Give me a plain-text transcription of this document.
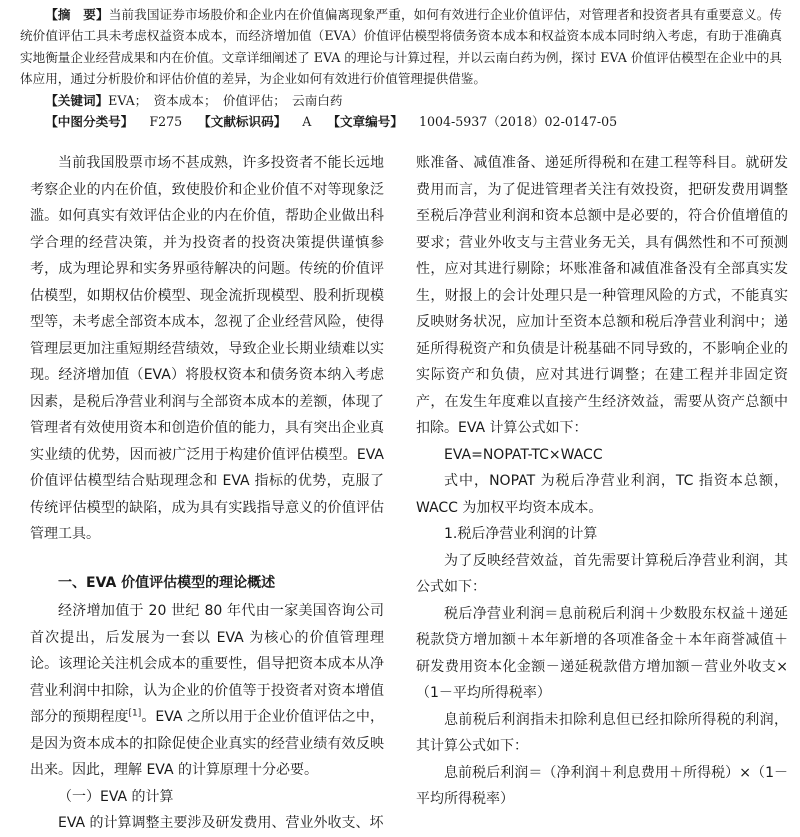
【摘　要】当前我国证券市场股价和企业内在价值偏离现象严重，如何有效进行企业价值评估，对管理者和投资者具有重要意义。传统价值评估工具未考虑权益资本成本，而经济增加值（EVA）价值评估模型将债务资本成本和权益资本成本同时纳入考虑，有助于准确真实地衡量企业经营成果和内在价值。文章详细阐述了 EVA 的理论与计算过程，并以云南白药为例，探讨 EVA 价值评估模型在企业中的具体应用，通过分析股价和评估价值的差异，为企业如何有效进行价值管理提供借鉴。

【关键词】EVA；　资本成本；　价值评估；　云南白药

【中图分类号】 F275 【文献标识码】 A 【文章编号】 1004-5937（2018）02-0147-05

当前我国股票市场不甚成熟，许多投资者不能长远地考察企业的内在价值，致使股价和企业价值不对等现象泛滥。如何真实有效评估企业的内在价值，帮助企业做出科学合理的经营决策，并为投资者的投资决策提供谨慎参考，成为理论界和实务界亟待解决的问题。传统的价值评估模型，如期权估价模型、现金流折现模型、股利折现模型等，未考虑全部资本成本，忽视了企业经营风险，使得管理层更加注重短期经营绩效，导致企业长期业绩难以实现。经济增加值（EVA）将股权资本和债务资本纳入考虑因素，是税后净营业利润与全部资本成本的差额，体现了管理者有效使用资本和创造价值的能力，具有突出企业真实业绩的优势，因而被广泛用于构建价值评估模型。EVA 价值评估模型结合贴现理念和 EVA 指标的优势，克服了传统评估模型的缺陷，成为具有实践指导意义的价值评估管理工具。

一、EVA 价值评估模型的理论概述

经济增加值于 20 世纪 80 年代由一家美国咨询公司首次提出，后发展为一套以 EVA 为核心的价值管理理论。该理论关注机会成本的重要性，倡导把资本成本从净营业利润中扣除，认为企业的价值等于投资者对资本增值部分的预期程度[1]。EVA 之所以用于企业价值评估之中，是因为资本成本的扣除促使企业真实的经营业绩有效反映出来。因此，理解 EVA 的计算原理十分必要。

（一）EVA 的计算

EVA 的计算调整主要涉及研发费用、营业外收支、坏

账准备、减值准备、递延所得税和在建工程等科目。就研发费用而言，为了促进管理者关注有效投资，把研发费用调整至税后净营业利润和资本总额中是必要的，符合价值增值的要求；营业外收支与主营业务无关，具有偶然性和不可预测性，应对其进行剔除；坏账准备和减值准备没有全部真实发生，财报上的会计处理只是一种管理风险的方式，不能真实反映财务状况，应加计至资本总额和税后净营业利润中；递延所得税资产和负债是计税基础不同导致的，不影响企业的实际资产和负债，应对其进行调整；在建工程并非固定资产，在发生年度难以直接产生经济效益，需要从资产总额中扣除。EVA 计算公式如下：

EVA=NOPAT-TC×WACC

式中，NOPAT 为税后净营业利润，TC 指资本总额，WACC 为加权平均资本成本。

1.税后净营业利润的计算

为了反映经营效益，首先需要计算税后净营业利润，其公式如下：

税后净营业利润＝息前税后利润＋少数股东权益＋递延税款贷方增加额＋本年新增的各项准备金＋本年商誉减值＋研发费用资本化金额－递延税款借方增加额－营业外收支×（1－平均所得税率）

息前税后利润指未扣除利息但已经扣除所得税的利润，其计算公式如下：

息前税后利润＝（净利润＋利息费用＋所得税）×（1－平均所得税率）
